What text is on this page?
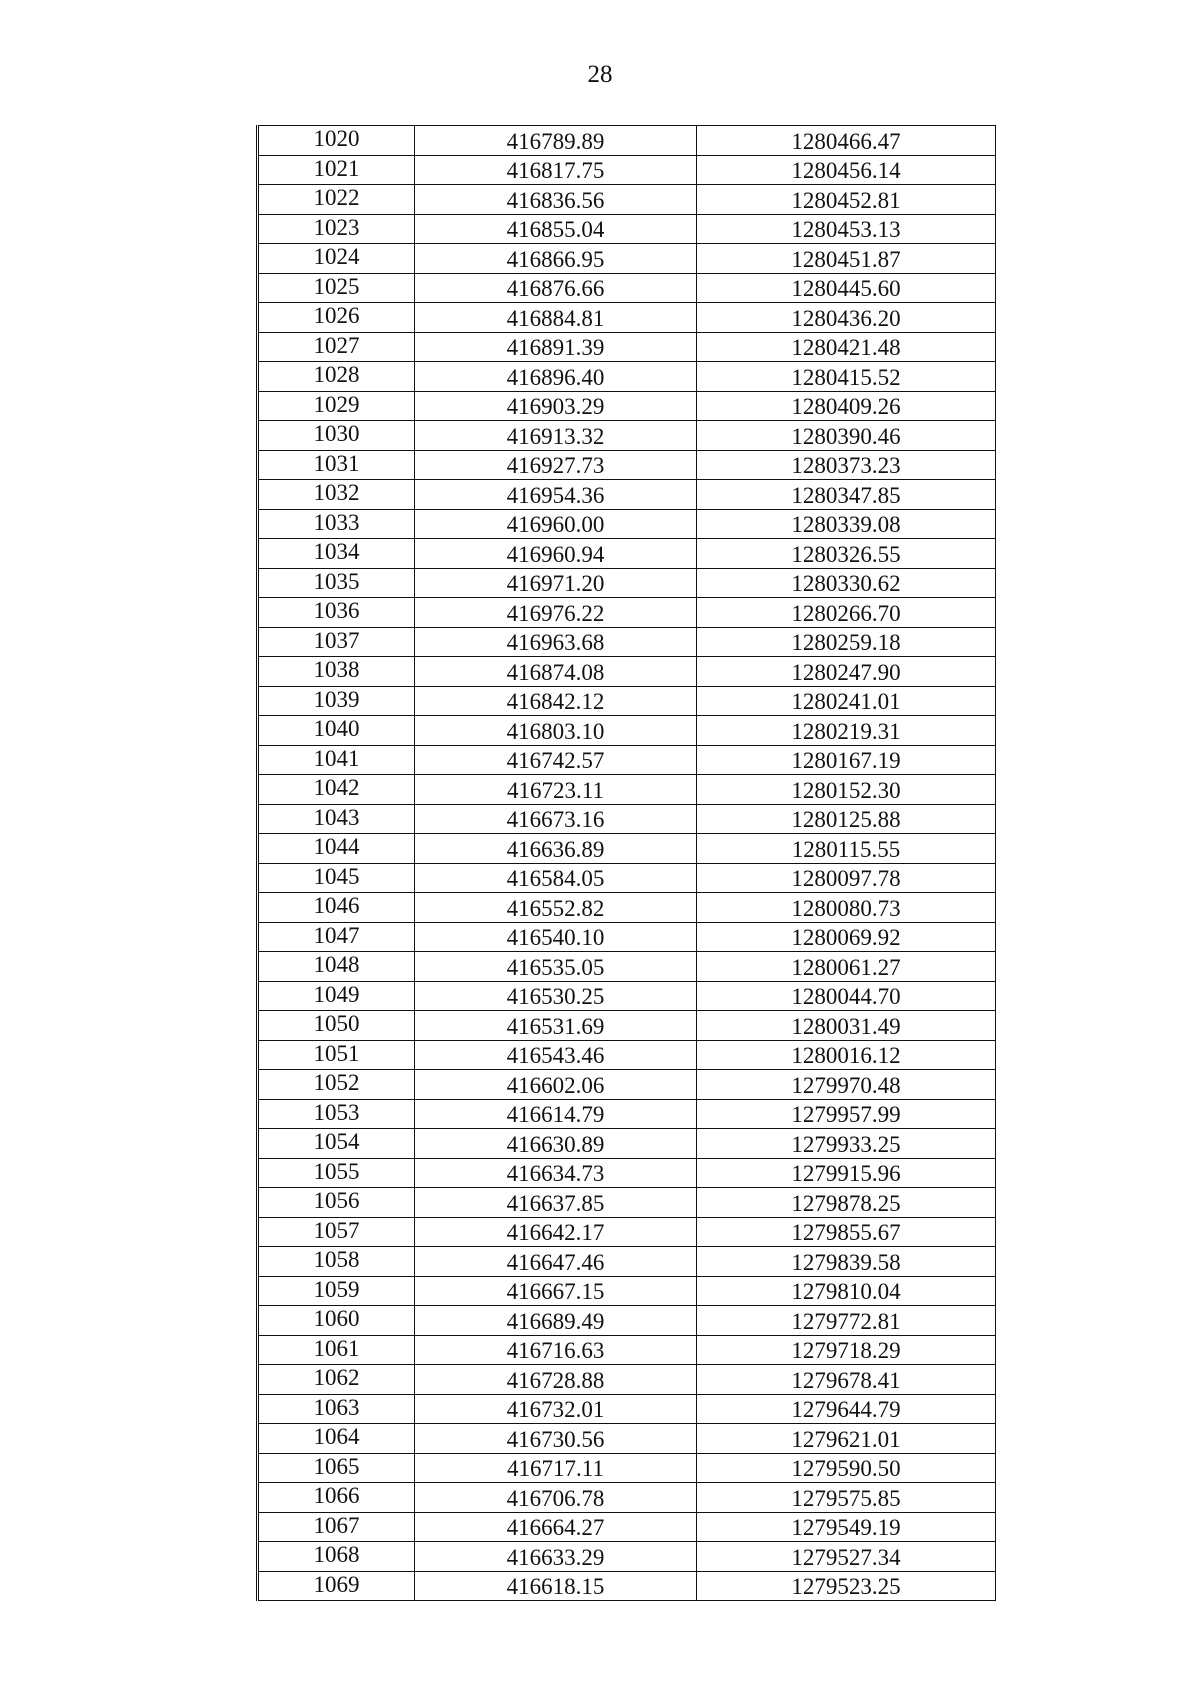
28
1020	416789.89	1280466.47
1021	416817.75	1280456.14
1022	416836.56	1280452.81
1023	416855.04	1280453.13
1024	416866.95	1280451.87
1025	416876.66	1280445.60
1026	416884.81	1280436.20
1027	416891.39	1280421.48
1028	416896.40	1280415.52
1029	416903.29	1280409.26
1030	416913.32	1280390.46
1031	416927.73	1280373.23
1032	416954.36	1280347.85
1033	416960.00	1280339.08
1034	416960.94	1280326.55
1035	416971.20	1280330.62
1036	416976.22	1280266.70
1037	416963.68	1280259.18
1038	416874.08	1280247.90
1039	416842.12	1280241.01
1040	416803.10	1280219.31
1041	416742.57	1280167.19
1042	416723.11	1280152.30
1043	416673.16	1280125.88
1044	416636.89	1280115.55
1045	416584.05	1280097.78
1046	416552.82	1280080.73
1047	416540.10	1280069.92
1048	416535.05	1280061.27
1049	416530.25	1280044.70
1050	416531.69	1280031.49
1051	416543.46	1280016.12
1052	416602.06	1279970.48
1053	416614.79	1279957.99
1054	416630.89	1279933.25
1055	416634.73	1279915.96
1056	416637.85	1279878.25
1057	416642.17	1279855.67
1058	416647.46	1279839.58
1059	416667.15	1279810.04
1060	416689.49	1279772.81
1061	416716.63	1279718.29
1062	416728.88	1279678.41
1063	416732.01	1279644.79
1064	416730.56	1279621.01
1065	416717.11	1279590.50
1066	416706.78	1279575.85
1067	416664.27	1279549.19
1068	416633.29	1279527.34
1069	416618.15	1279523.25
